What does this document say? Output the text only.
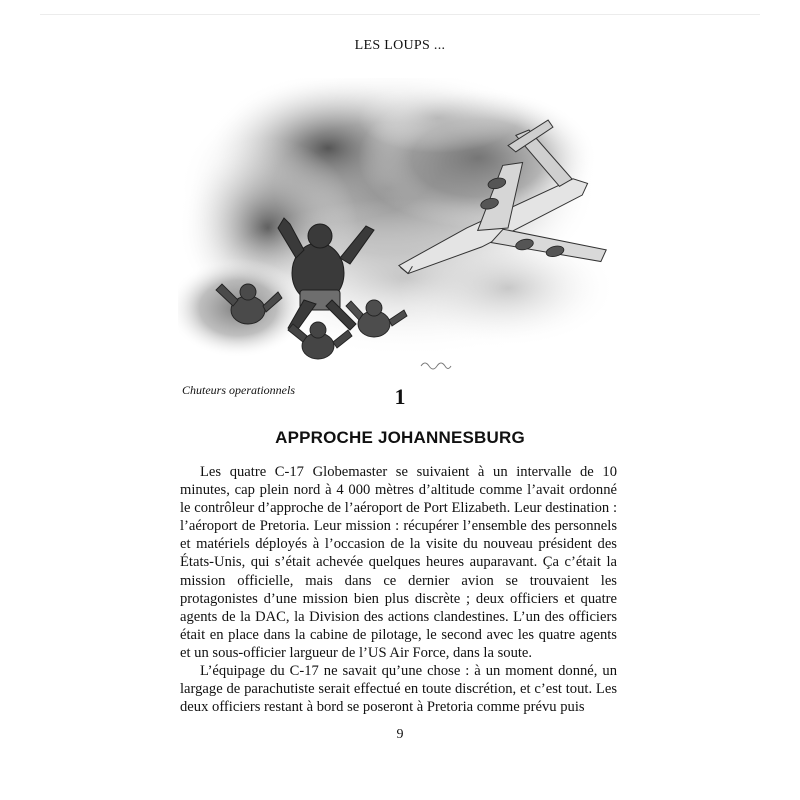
LES LOUPS ...
Chuteurs operationnels	1
APPROCHE JOHANNESBURG

Les quatre C-17 Globemaster se suivaient à un intervalle de 10 minutes, cap plein nord à 4 000 mètres d’altitude comme l’avait ordonné le contrôleur d’approche de l’aéroport de Port Elizabeth. Leur destination : l’aéroport de Pretoria. Leur mission : récupérer l’ensemble des personnels et matériels déployés à l’occasion de la visite du nouveau président des États-Unis, qui s’était achevée quelques heures auparavant. Ça c’était la mission officielle, mais dans ce dernier avion se trouvaient les protagonistes d’une mission bien plus discrète ; deux officiers et quatre agents de la DAC, la Division des actions clandestines. L’un des officiers était en place dans la cabine de pilotage, le second avec les quatre agents et un sous-officier largueur de l’US Air Force, dans la soute.

L’équipage du C-17 ne savait qu’une chose : à un moment donné, un largage de parachutiste serait effectué en toute discrétion, et c’est tout. Les deux officiers restant à bord se poseront à Pretoria comme prévu puis

9
